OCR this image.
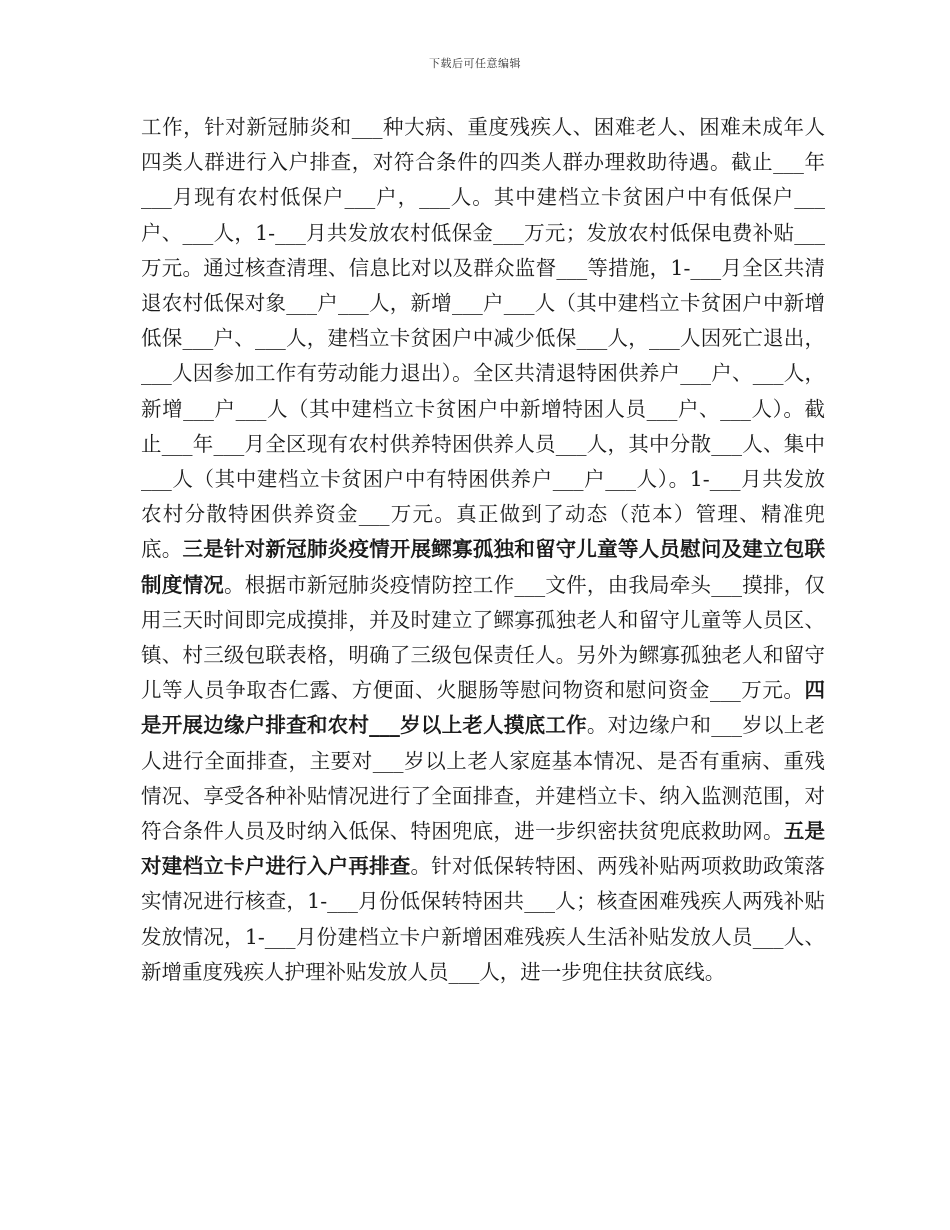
下载后可任意编辑

工作，针对新冠肺炎和___种大病、重度残疾人、困难老人、困难未成年人四类人群进行入户排查，对符合条件的四类人群办理救助待遇。截止___年___月现有农村低保户___户，___人。其中建档立卡贫困户中有低保户___户、___人，1-___月共发放农村低保金___万元；发放农村低保电费补贴___万元。通过核查清理、信息比对以及群众监督___等措施，1-___月全区共清退农村低保对象___户___人，新增___户___人（其中建档立卡贫困户中新增低保___户、___人，建档立卡贫困户中减少低保___人，___人因死亡退出，___人因参加工作有劳动能力退出）。全区共清退特困供养户___户、___人，新增___户___人（其中建档立卡贫困户中新增特困人员___户、___人）。截止___年___月全区现有农村供养特困供养人员___人，其中分散___人、集中___人（其中建档立卡贫困户中有特困供养户___户___人）。1-___月共发放农村分散特困供养资金___万元。真正做到了动态（范本）管理、精准兜底。三是针对新冠肺炎疫情开展鳏寡孤独和留守儿童等人员慰问及建立包联制度情况。根据市新冠肺炎疫情防控工作___文件，由我局牵头___摸排，仅用三天时间即完成摸排，并及时建立了鳏寡孤独老人和留守儿童等人员区、镇、村三级包联表格，明确了三级包保责任人。另外为鳏寡孤独老人和留守儿等人员争取杏仁露、方便面、火腿肠等慰问物资和慰问资金___万元。四是开展边缘户排查和农村___岁以上老人摸底工作。对边缘户和___岁以上老人进行全面排查，主要对___岁以上老人家庭基本情况、是否有重病、重残情况、享受各种补贴情况进行了全面排查，并建档立卡、纳入监测范围，对符合条件人员及时纳入低保、特困兜底，进一步织密扶贫兜底救助网。五是对建档立卡户进行入户再排查。针对低保转特困、两残补贴两项救助政策落实情况进行核查，1-___月份低保转特困共___人；核查困难残疾人两残补贴发放情况，1-___月份建档立卡户新增困难残疾人生活补贴发放人员___人、新增重度残疾人护理补贴发放人员___人，进一步兜住扶贫底线。
